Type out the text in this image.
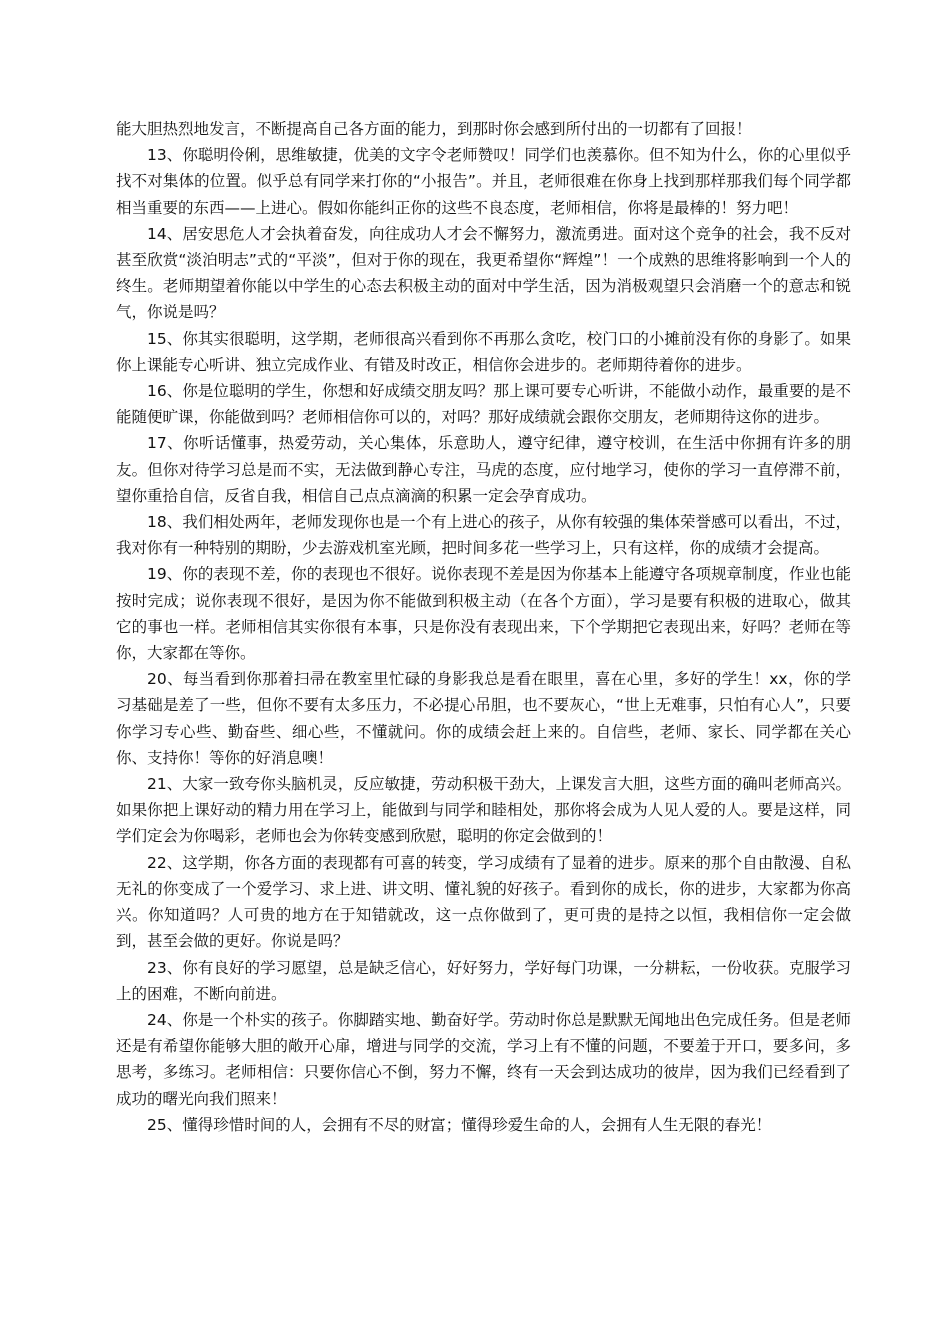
能大胆热烈地发言，不断提高自己各方面的能力，到那时你会感到所付出的一切都有了回报！

13、你聪明伶俐，思维敏捷，优美的文字令老师赞叹！同学们也羡慕你。但不知为什么，你的心里似乎找不对集体的位置。似乎总有同学来打你的“小报告”。并且，老师很难在你身上找到那样那我们每个同学都相当重要的东西——上进心。假如你能纠正你的这些不良态度，老师相信，你将是最棒的！努力吧！

14、居安思危人才会执着奋发，向往成功人才会不懈努力，激流勇进。面对这个竞争的社会，我不反对甚至欣赏“淡泊明志”式的“平淡”，但对于你的现在，我更希望你“辉煌”！一个成熟的思维将影响到一个人的终生。老师期望着你能以中学生的心态去积极主动的面对中学生活，因为消极观望只会消磨一个的意志和锐气，你说是吗？

15、你其实很聪明，这学期，老师很高兴看到你不再那么贪吃，校门口的小摊前没有你的身影了。如果你上课能专心听讲、独立完成作业、有错及时改正，相信你会进步的。老师期待着你的进步。

16、你是位聪明的学生，你想和好成绩交朋友吗？那上课可要专心听讲，不能做小动作，最重要的是不能随便旷课，你能做到吗？老师相信你可以的，对吗？那好成绩就会跟你交朋友，老师期待这你的进步。

17、你听话懂事，热爱劳动，关心集体，乐意助人，遵守纪律，遵守校训，在生活中你拥有许多的朋友。但你对待学习总是而不实，无法做到静心专注，马虎的态度，应付地学习，使你的学习一直停滞不前，望你重拾自信，反省自我，相信自己点点滴滴的积累一定会孕育成功。

18、我们相处两年，老师发现你也是一个有上进心的孩子，从你有较强的集体荣誉感可以看出，不过，我对你有一种特别的期盼，少去游戏机室光顾，把时间多花一些学习上，只有这样，你的成绩才会提高。

19、你的表现不差，你的表现也不很好。说你表现不差是因为你基本上能遵守各项规章制度，作业也能按时完成；说你表现不很好，是因为你不能做到积极主动（在各个方面），学习是要有积极的进取心，做其它的事也一样。老师相信其实你很有本事，只是你没有表现出来，下个学期把它表现出来，好吗？老师在等你，大家都在等你。

20、每当看到你那着扫帚在教室里忙碌的身影我总是看在眼里，喜在心里，多好的学生！xx，你的学习基础是差了一些，但你不要有太多压力，不必提心吊胆，也不要灰心，“世上无难事，只怕有心人”，只要你学习专心些、勤奋些、细心些，不懂就问。你的成绩会赶上来的。自信些，老师、家长、同学都在关心你、支持你！等你的好消息噢！

21、大家一致夸你头脑机灵，反应敏捷，劳动积极干劲大，上课发言大胆，这些方面的确叫老师高兴。如果你把上课好动的精力用在学习上，能做到与同学和睦相处，那你将会成为人见人爱的人。要是这样，同学们定会为你喝彩，老师也会为你转变感到欣慰，聪明的你定会做到的！

22、这学期，你各方面的表现都有可喜的转变，学习成绩有了显着的进步。原来的那个自由散漫、自私无礼的你变成了一个爱学习、求上进、讲文明、懂礼貌的好孩子。看到你的成长，你的进步，大家都为你高兴。你知道吗？人可贵的地方在于知错就改，这一点你做到了，更可贵的是持之以恒，我相信你一定会做到，甚至会做的更好。你说是吗？

23、你有良好的学习愿望，总是缺乏信心，好好努力，学好每门功课，一分耕耘，一份收获。克服学习上的困难，不断向前进。

24、你是一个朴实的孩子。你脚踏实地、勤奋好学。劳动时你总是默默无闻地出色完成任务。但是老师还是有希望你能够大胆的敞开心扉，增进与同学的交流，学习上有不懂的问题，不要羞于开口，要多问，多思考，多练习。老师相信：只要你信心不倒，努力不懈，终有一天会到达成功的彼岸，因为我们已经看到了成功的曙光向我们照来！

25、懂得珍惜时间的人，会拥有不尽的财富；懂得珍爱生命的人，会拥有人生无限的春光！
